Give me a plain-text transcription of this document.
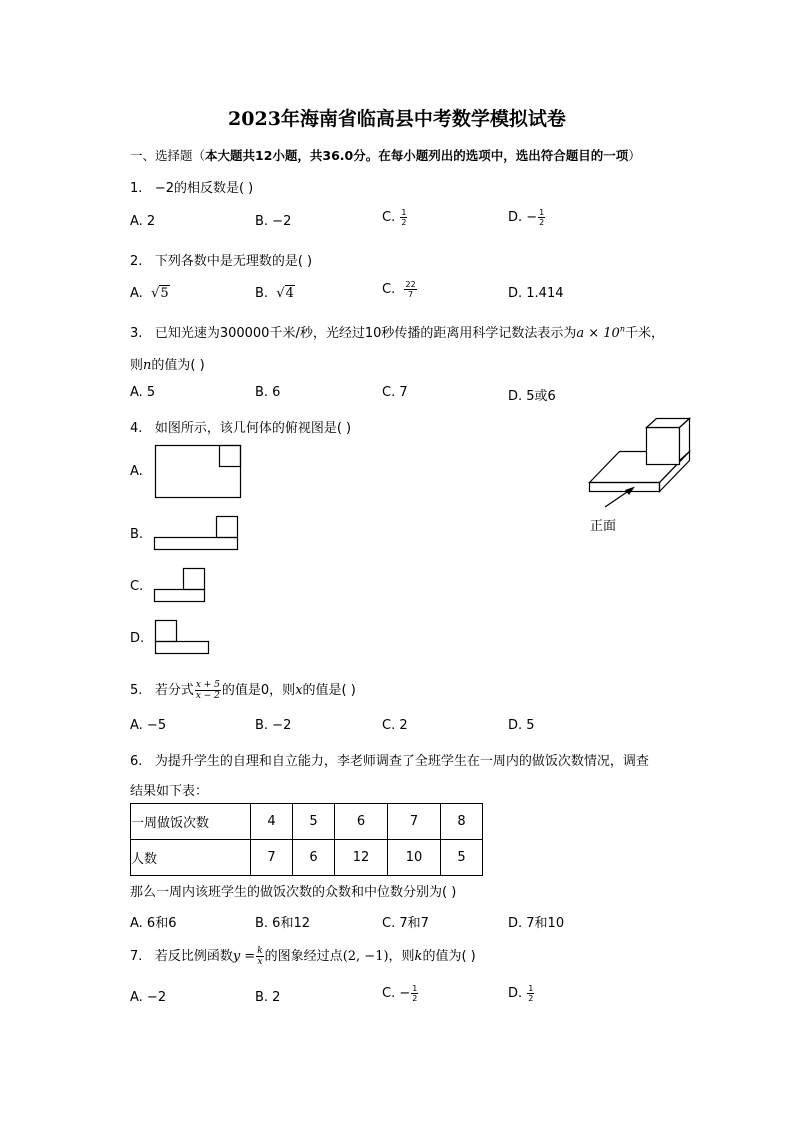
2023年海南省临高县中考数学模拟试卷
一、选择题（本大题共12小题，共36.0分。在每小题列出的选项中，选出符合题目的一项）
1. −2的相反数是( )
A. 2	B. −2	C. $\frac{1}{2}$	D. − $\frac{1}{2}$
2. 下列各数中是无理数的是( )
A. √5	B. √4	C. $\frac{22}{7}$	D. 1.414
3. 已知光速为300000千米/秒，光经过10秒传播的距离用科学记数法表示为$a \times 10^n$千米，
则n的值为( )
A. 5	B. 6	C. 7	D. 5或6
4. 如图所示，该几何体的俯视图是( )
A.
B.
C.
D.
正面
5. 若分式 $\frac{x + 5}{x - 2}$ 的值是0，则x的值是( )
A. −5	B. −2	C. 2	D. 5
6. 为提升学生的自理和自立能力，李老师调查了全班学生在一周内的做饭次数情况，调查
结果如下表：
一周做饭次数	4	5	6	7	8
人数	7	6	12	10	5
那么一周内该班学生的做饭次数的众数和中位数分别为( )
A. 6和6	B. 6和12	C. 7和7	D. 7和10
7. 若反比例函数$y = \frac{k}{x}$ 的图象经过点(2, −1)，则k的值为( )
A. −2	B. 2	C. − $\frac{1}{2}$	D. $\frac{1}{2}$
